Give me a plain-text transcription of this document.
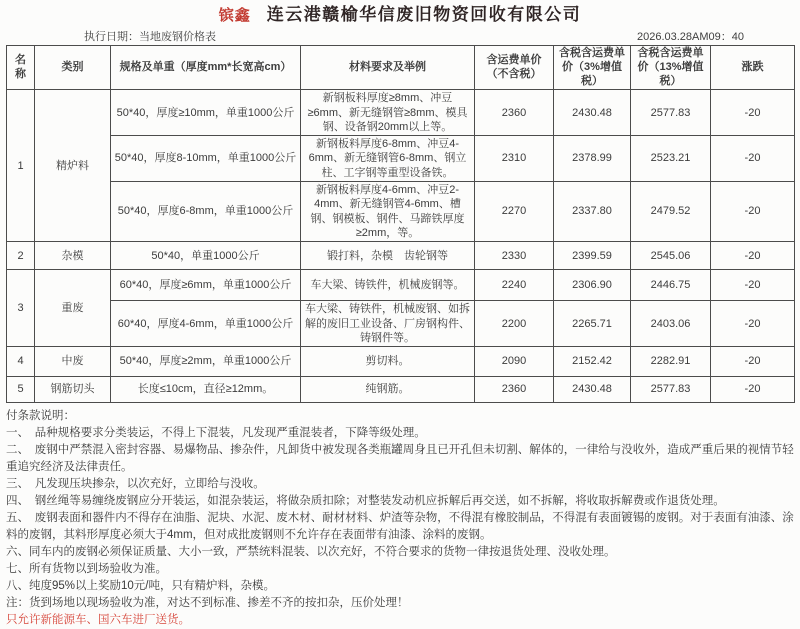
镔鑫 连云港赣榆华信废旧物资回收有限公司
执行日期：当地废钢价格表	2026.03.28AM09：40
名称	类别	规格及单重（厚度mm*长宽高cm）	材料要求及举例	含运费单价（不含税）	含税含运费单价（3%增值税）	含税含运费单价（13%增值税）	涨跌
1	精炉料	50*40，厚度≥10mm，单重1000公斤	新钢板料厚度≥8mm、冲豆≥6mm、新无缝钢管≥8mm、模具钢、设备钢20mm以上等。	2360	2430.48	2577.83	-20
		50*40，厚度8-10mm，单重1000公斤	新钢板料厚度6-8mm、冲豆4-6mm、新无缝钢管6-8mm、钢立柱、工字钢等重型设备铁。	2310	2378.99	2523.21	-20
		50*40，厚度6-8mm，单重1000公斤	新钢板料厚度4-6mm、冲豆2-4mm、新无缝钢管4-6mm、槽钢、钢模板、钢件、马蹄铁厚度≥2mm，等。	2270	2337.80	2479.52	-20
2	杂模	50*40，单重1000公斤	锻打料，杂模　齿轮钢等	2330	2399.59	2545.06	-20
3	重废	60*40，厚度≥6mm，单重1000公斤	车大梁、铸铁件，机械废钢等。	2240	2306.90	2446.75	-20
		60*40，厚度4-6mm，单重1000公斤	车大梁、铸铁件，机械废钢、如拆解的废旧工业设备、厂房钢构件、铸钢件等。	2200	2265.71	2403.06	-20
4	中废	50*40，厚度≥2mm，单重1000公斤	剪切料。	2090	2152.42	2282.91	-20
5	钢筋切头	长度≤10cm，直径≥12mm。	纯钢筋。	2360	2430.48	2577.83	-20
付条款说明：
一、　品种规格要求分类装运，不得上下混装，凡发现严重混装者，下降等级处理。
二、　废钢中严禁混入密封容器、易爆物品、掺杂件，凡卸货中被发现各类瓶罐周身且已开孔但未切割、解体的，一律给与没收外，造成严重后果的视情节轻重追究经济及法律责任。
三、　凡发现压块掺杂，以次充好，立即给与没收。
四、　钢丝绳等易缠绕废钢应分开装运，如混杂装运，将做杂质扣除；对整装发动机应拆解后再交送，如不拆解，将收取拆解费或作退货处理。
五、　废钢表面和器件内不得存在油脂、泥块、水泥、废木材、耐材材料、炉渣等杂物，不得混有橡胶制品，不得混有表面镀锡的废钢。对于表面有油漆、涂料的废钢，其料形厚度必须大于4mm，但对成批废钢则不允许存在表面带有油漆、涂料的废钢。
六、同车内的废钢必须保证质量、大小一致，严禁统料混装、以次充好，不符合要求的货物一律按退货处理、没收处理。
七、所有货物以到场验收为准。
八、纯度95%以上奖励10元/吨，只有精炉料，杂模。
注：货到场地以现场验收为准，对达不到标准、掺差不齐的按扣杂，压价处理！
只允许新能源车、国六车进厂送货。
